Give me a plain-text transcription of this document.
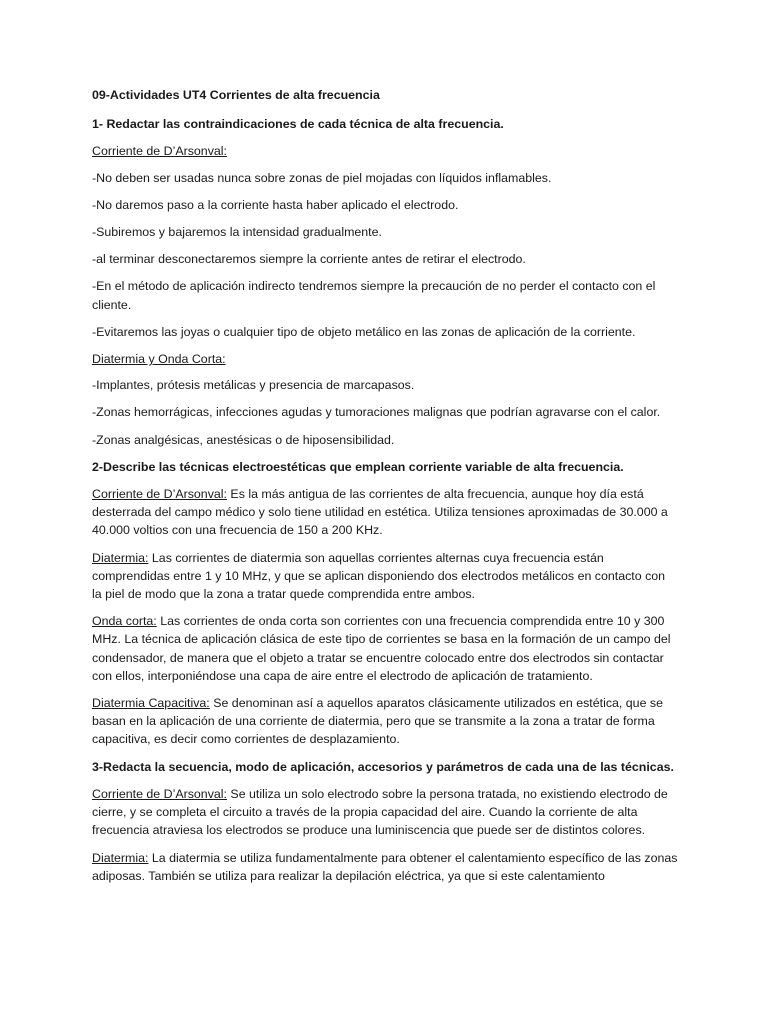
09-Actividades UT4 Corrientes de alta frecuencia

1- Redactar las contraindicaciones de cada técnica de alta frecuencia.

Corriente de D’Arsonval:

-No deben ser usadas nunca sobre zonas de piel mojadas con líquidos inflamables.

-No daremos paso a la corriente hasta haber aplicado el electrodo.

-Subiremos y bajaremos la intensidad gradualmente.

-al terminar desconectaremos siempre la corriente antes de retirar el electrodo.

-En el método de aplicación indirecto tendremos siempre la precaución de no perder el contacto con el cliente.

-Evitaremos las joyas o cualquier tipo de objeto metálico en las zonas de aplicación de la corriente.

Diatermia y Onda Corta:

-Implantes, prótesis metálicas y presencia de marcapasos.

-Zonas hemorrágicas, infecciones agudas y tumoraciones malignas que podrían agravarse con el calor.

-Zonas analgésicas, anestésicas o de hiposensibilidad.

2-Describe las técnicas electroestéticas que emplean corriente variable de alta frecuencia.

Corriente de D’Arsonval: Es la más antigua de las corrientes de alta frecuencia, aunque hoy día está desterrada del campo médico y solo tiene utilidad en estética. Utiliza tensiones aproximadas de 30.000 a 40.000 voltios con una frecuencia de 150 a 200 KHz.

Diatermia: Las corrientes de diatermia son aquellas corrientes alternas cuya frecuencia están comprendidas entre 1 y 10 MHz, y que se aplican disponiendo dos electrodos metálicos en contacto con la piel de modo que la zona a tratar quede comprendida entre ambos.

Onda corta: Las corrientes de onda corta son corrientes con una frecuencia comprendida entre 10 y 300 MHz. La técnica de aplicación clásica de este tipo de corrientes se basa en la formación de un campo del condensador, de manera que el objeto a tratar se encuentre colocado entre dos electrodos sin contactar con ellos, interponiéndose una capa de aire entre el electrodo de aplicación de tratamiento.

Diatermia Capacitiva: Se denominan así a aquellos aparatos clásicamente utilizados en estética, que se basan en la aplicación de una corriente de diatermia, pero que se transmite a la zona a tratar de forma capacitiva, es decir como corrientes de desplazamiento.

3-Redacta la secuencia, modo de aplicación, accesorios y parámetros de cada una de las técnicas.

Corriente de D’Arsonval: Se utiliza un solo electrodo sobre la persona tratada, no existiendo electrodo de cierre, y se completa el circuito a través de la propia capacidad del aire. Cuando la corriente de alta frecuencia atraviesa los electrodos se produce una luminiscencia que puede ser de distintos colores.

Diatermia: La diatermia se utiliza fundamentalmente para obtener el calentamiento específico de las zonas adiposas. También se utiliza para realizar la depilación eléctrica, ya que si este calentamiento
